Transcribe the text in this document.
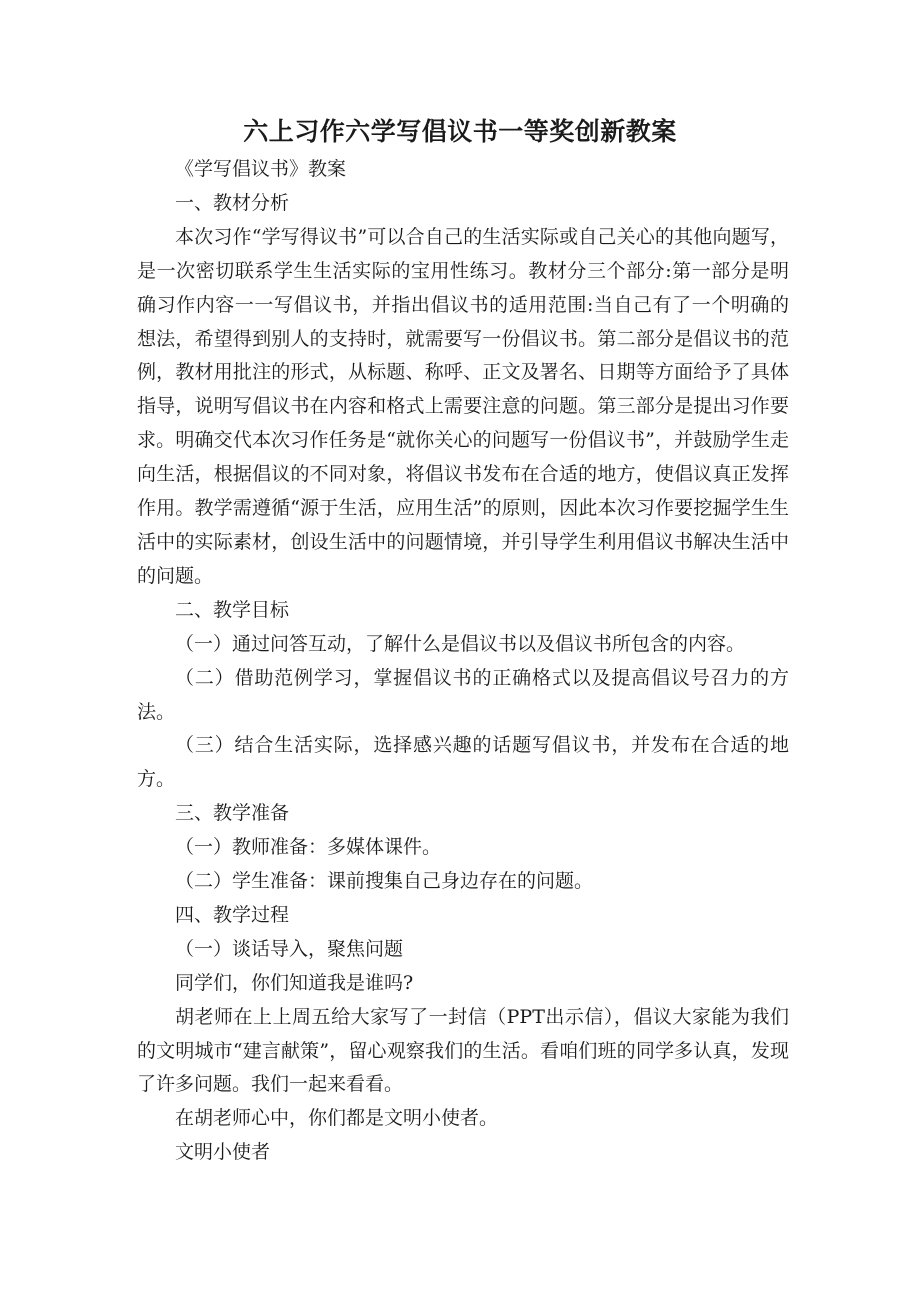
六上习作六学写倡议书一等奖创新教案

《学写倡议书》教案

一、教材分析

本次习作“学写得议书”可以合自己的生活实际或自己关心的其他向题写，是一次密切联系学生生活实际的宝用性练习。教材分三个部分:第一部分是明确习作内容一一写倡议书，并指出倡议书的适用范围:当自己有了一个明确的想法，希望得到别人的支持时，就需要写一份倡议书。第二部分是倡议书的范例，教材用批注的形式，从标题、称呼、正文及署名、日期等方面给予了具体指导，说明写倡议书在内容和格式上需要注意的问题。第三部分是提出习作要求。明确交代本次习作任务是“就你关心的问题写一份倡议书”，并鼓励学生走向生活，根据倡议的不同对象，将倡议书发布在合适的地方，使倡议真正发挥作用。教学需遵循“源于生活，应用生活”的原则，因此本次习作要挖掘学生生活中的实际素材，创设生活中的问题情境，并引导学生利用倡议书解决生活中的问题。

二、教学目标

（一）通过问答互动，了解什么是倡议书以及倡议书所包含的内容。

（二）借助范例学习，掌握倡议书的正确格式以及提高倡议号召力的方法。

（三）结合生活实际，选择感兴趣的话题写倡议书，并发布在合适的地方。

三、教学准备

（一）教师准备：多媒体课件。

（二）学生准备：课前搜集自己身边存在的问题。

四、教学过程

（一）谈话导入，聚焦问题

同学们，你们知道我是谁吗?

胡老师在上上周五给大家写了一封信（PPT出示信），倡议大家能为我们的文明城市“建言献策”，留心观察我们的生活。看咱们班的同学多认真，发现了许多问题。我们一起来看看。

在胡老师心中，你们都是文明小使者。

文明小使者
